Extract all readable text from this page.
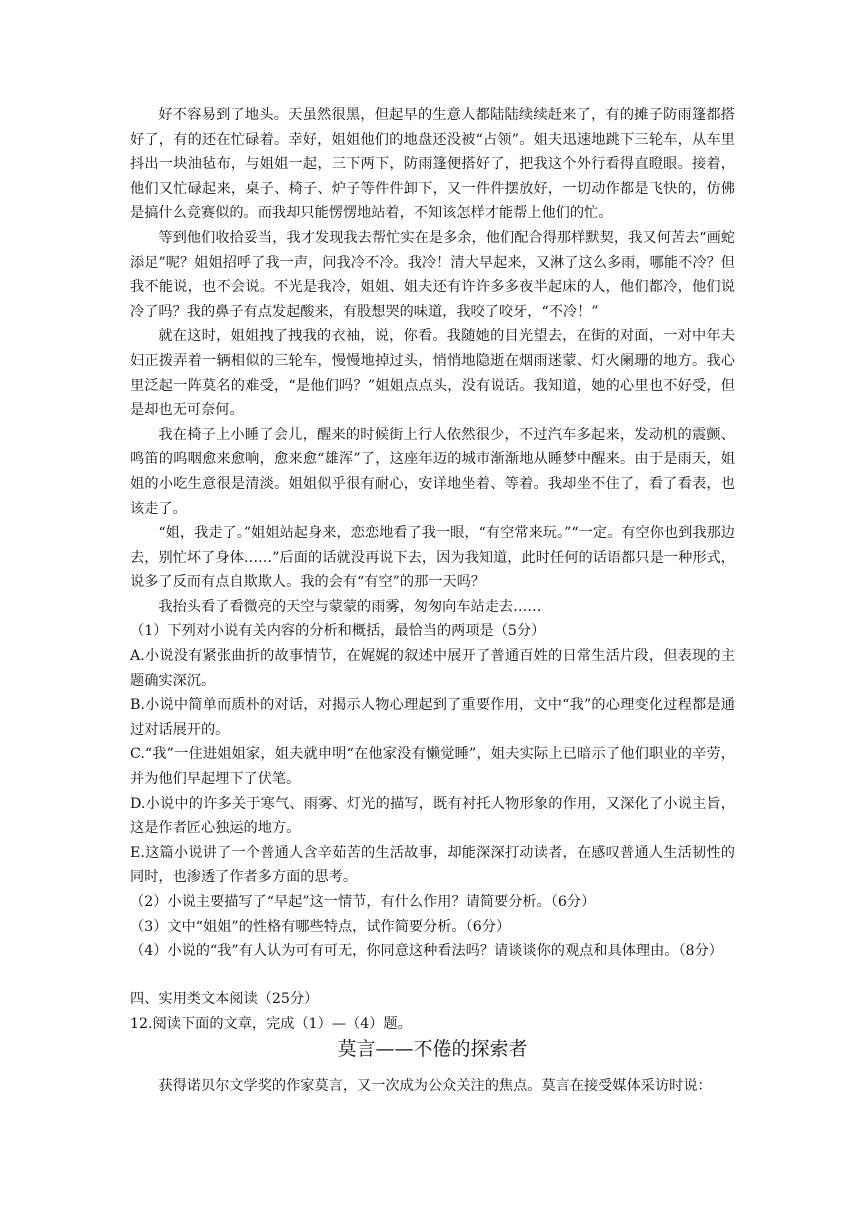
好不容易到了地头。天虽然很黑，但起早的生意人都陆陆续续赶来了，有的摊子防雨篷都搭好了，有的还在忙碌着。幸好，姐姐他们的地盘还没被“占领”。姐夫迅速地跳下三轮车，从车里抖出一块油毡布，与姐姐一起，三下两下，防雨篷便搭好了，把我这个外行看得直瞪眼。接着，他们又忙碌起来，桌子、椅子、炉子等件件卸下，又一件件摆放好，一切动作都是飞快的，仿佛是搞什么竞赛似的。而我却只能愣愣地站着，不知该怎样才能帮上他们的忙。

等到他们收拾妥当，我才发现我去帮忙实在是多余，他们配合得那样默契，我又何苦去“画蛇添足”呢？姐姐招呼了我一声，问我冷不冷。我冷！清大早起来，又淋了这么多雨，哪能不冷？但我不能说，也不会说。不光是我冷，姐姐、姐夫还有许许多多夜半起床的人，他们都冷，他们说冷了吗？我的鼻子有点发起酸来，有股想哭的味道，我咬了咬牙，“不冷！”

就在这时，姐姐拽了拽我的衣袖，说，你看。我随她的目光望去，在街的对面，一对中年夫妇正拨弄着一辆相似的三轮车，慢慢地掉过头，悄悄地隐逝在烟雨迷蒙、灯火阑珊的地方。我心里泛起一阵莫名的难受，“是他们吗？”姐姐点点头，没有说话。我知道，她的心里也不好受，但是却也无可奈何。

我在椅子上小睡了会儿，醒来的时候街上行人依然很少，不过汽车多起来，发动机的震颤、鸣笛的呜咽愈来愈响，愈来愈“雄浑”了，这座年迈的城市渐渐地从睡梦中醒来。由于是雨天，姐姐的小吃生意很是清淡。姐姐似乎很有耐心，安详地坐着、等着。我却坐不住了，看了看表，也该走了。

“姐，我走了。”姐姐站起身来，恋恋地看了我一眼，“有空常来玩。”“一定。有空你也到我那边去，别忙坏了身体……”后面的话就没再说下去，因为我知道，此时任何的话语都只是一种形式，说多了反而有点自欺欺人。我的会有“有空”的那一天吗？

我抬头看了看微亮的天空与蒙蒙的雨雾，匆匆向车站走去……

（1）下列对小说有关内容的分析和概括，最恰当的两项是（5分）

A.小说没有紧张曲折的故事情节，在娓娓的叙述中展开了普通百姓的日常生活片段，但表现的主题确实深沉。

B.小说中简单而质朴的对话，对揭示人物心理起到了重要作用，文中“我”的心理变化过程都是通过对话展开的。

C.“我”一住进姐姐家，姐夫就申明“在他家没有懒觉睡”，姐夫实际上已暗示了他们职业的辛劳，并为他们早起埋下了伏笔。

D.小说中的许多关于寒气、雨雾、灯光的描写，既有衬托人物形象的作用，又深化了小说主旨，这是作者匠心独运的地方。

E.这篇小说讲了一个普通人含辛茹苦的生活故事，却能深深打动读者，在感叹普通人生活韧性的同时，也渗透了作者多方面的思考。

（2）小说主要描写了“早起”这一情节，有什么作用？请简要分析。（6分）

（3）文中“姐姐”的性格有哪些特点，试作简要分析。（6分）

（4）小说的“我”有人认为可有可无，你同意这种看法吗？请谈谈你的观点和具体理由。（8分）

四、实用类文本阅读（25分）

12.阅读下面的文章，完成（1）—（4）题。

莫言——不倦的探索者

获得诺贝尔文学奖的作家莫言，又一次成为公众关注的焦点。莫言在接受媒体采访时说：
